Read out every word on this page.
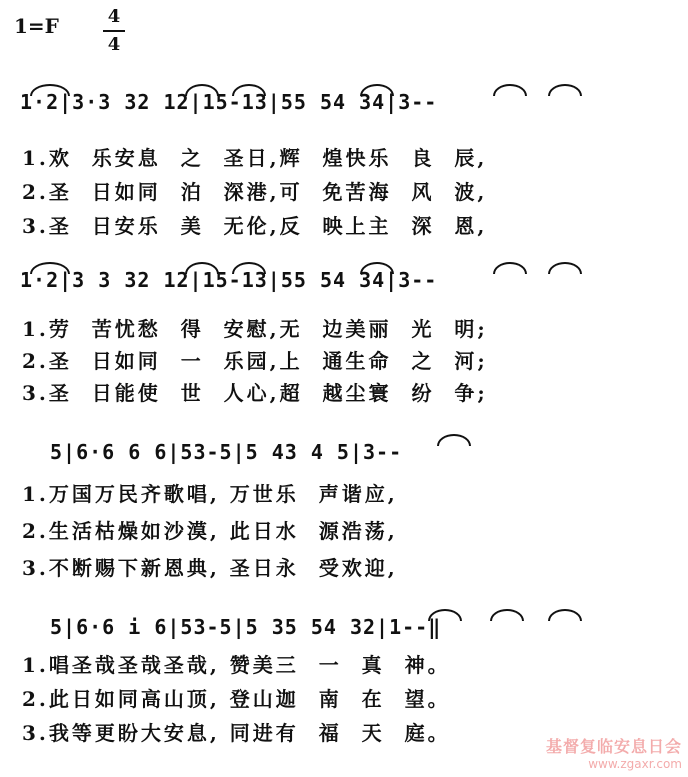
1=F	4
4
1·2|3·3 32 12|15-13|55 54 34|3--
1.欢  乐安息  之  圣日,辉  煌快乐  良  辰,
2.圣  日如同  泊  深港,可  免苦海  风  波,
3.圣  日安乐  美  无伦,反  映上主  深  恩,
1·2|3 3 32 12|15-13|55 54 34|3--
1.劳  苦忧愁  得  安慰,无  边美丽  光  明;
2.圣  日如同  一  乐园,上  通生命  之  河;
3.圣  日能使  世  人心,超  越尘寰  纷  争;
5|6·6 6 6|53-5|5 43 4 5|3--
1.万国万民齐歌唱, 万世乐  声谐应,
2.生活枯燥如沙漠, 此日水  源浩荡,
3.不断赐下新恩典, 圣日永  受欢迎,
5|6·6 i 6|53-5|5 35 54 32|1--‖
1.唱圣哉圣哉圣哉, 赞美三  一  真  神。
2.此日如同高山顶, 登山迦  南  在  望。
3.我等更盼大安息, 同进有  福  天  庭。
基督复临安息日会
www.zgaxr.com
